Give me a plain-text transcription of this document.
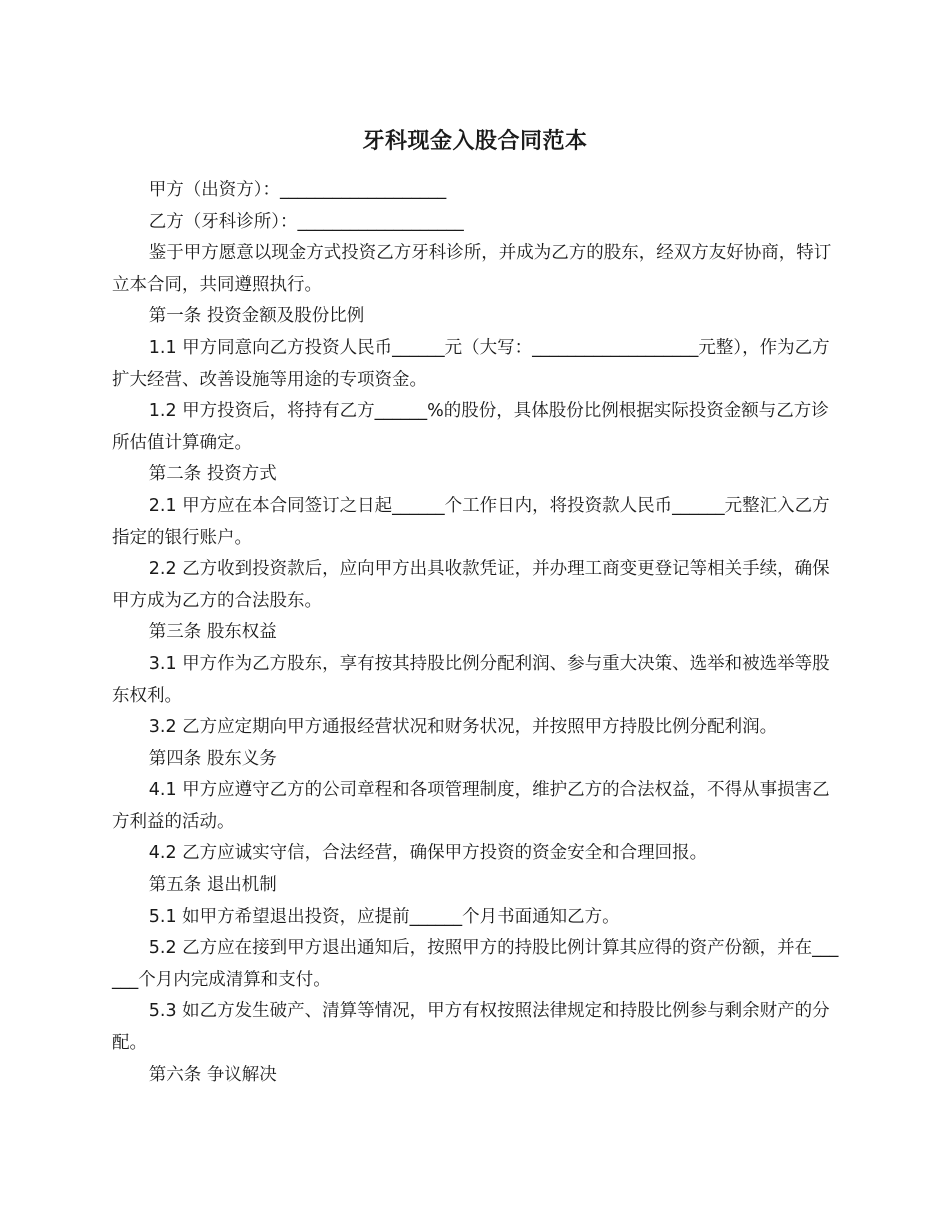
牙科现金入股合同范本

甲方（出资方）：___________________

乙方（牙科诊所）：___________________

鉴于甲方愿意以现金方式投资乙方牙科诊所，并成为乙方的股东，经双方友好协商，特订立本合同，共同遵照执行。

第一条 投资金额及股份比例

1.1 甲方同意向乙方投资人民币______元（大写：___________________元整），作为乙方扩大经营、改善设施等用途的专项资金。

1.2 甲方投资后，将持有乙方______%的股份，具体股份比例根据实际投资金额与乙方诊所估值计算确定。

第二条 投资方式

2.1 甲方应在本合同签订之日起______个工作日内，将投资款人民币______元整汇入乙方指定的银行账户。

2.2 乙方收到投资款后，应向甲方出具收款凭证，并办理工商变更登记等相关手续，确保甲方成为乙方的合法股东。

第三条 股东权益

3.1 甲方作为乙方股东，享有按其持股比例分配利润、参与重大决策、选举和被选举等股东权利。

3.2 乙方应定期向甲方通报经营状况和财务状况，并按照甲方持股比例分配利润。

第四条 股东义务

4.1 甲方应遵守乙方的公司章程和各项管理制度，维护乙方的合法权益，不得从事损害乙方利益的活动。

4.2 乙方应诚实守信，合法经营，确保甲方投资的资金安全和合理回报。

第五条 退出机制

5.1 如甲方希望退出投资，应提前______个月书面通知乙方。

5.2 乙方应在接到甲方退出通知后，按照甲方的持股比例计算其应得的资产份额，并在______个月内完成清算和支付。

5.3 如乙方发生破产、清算等情况，甲方有权按照法律规定和持股比例参与剩余财产的分配。

第六条 争议解决
